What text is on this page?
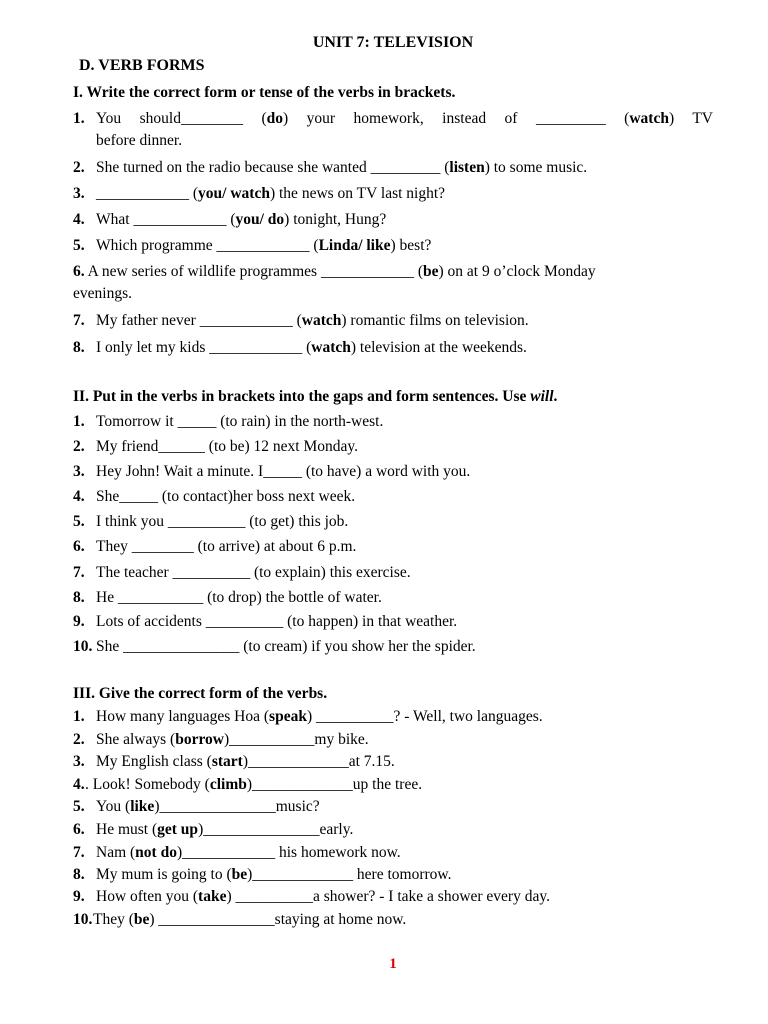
UNIT 7: TELEVISION
D. VERB FORMS
I. Write the correct form or tense of the verbs in brackets.
1. You should________ (do) your homework, instead of _________ (watch) TV
before dinner.
2. She turned on the radio because she wanted _________ (listen) to some music.
3. ____________ (you/ watch) the news on TV last night?
4. What ____________ (you/ do) tonight, Hung?
5. Which programme ____________ (Linda/ like) best?
6. A new series of wildlife programmes ____________ (be) on at 9 o’clock Monday
evenings.
7. My father never ____________ (watch) romantic films on television.
8. I only let my kids ____________ (watch) television at the weekends.
II. Put in the verbs in brackets into the gaps and form sentences. Use will.
1. Tomorrow it _____ (to rain) in the north-west.
2. My friend______ (to be) 12 next Monday.
3. Hey John! Wait a minute. I_____ (to have) a word with you.
4. She_____ (to contact)her boss next week.
5. I think you __________ (to get) this job.
6. They ________ (to arrive) at about 6 p.m.
7. The teacher __________ (to explain) this exercise.
8. He ___________ (to drop) the bottle of water.
9. Lots of accidents __________ (to happen) in that weather.
10. She _______________ (to cream) if you show her the spider.
III. Give the correct form of the verbs.
1. How many languages Hoa (speak) __________? - Well, two languages.
2. She always (borrow)___________my bike.
3. My English class (start)_____________at 7.15.
4. . Look! Somebody (climb)_____________up the tree.
5. You (like)_______________music?
6. He must (get up)_______________early.
7. Nam (not do)____________ his homework now.
8. My mum is going to (be)_____________ here tomorrow.
9. How often you (take) __________a shower? - I take a shower every day.
10. They (be) _______________staying at home now.
1
